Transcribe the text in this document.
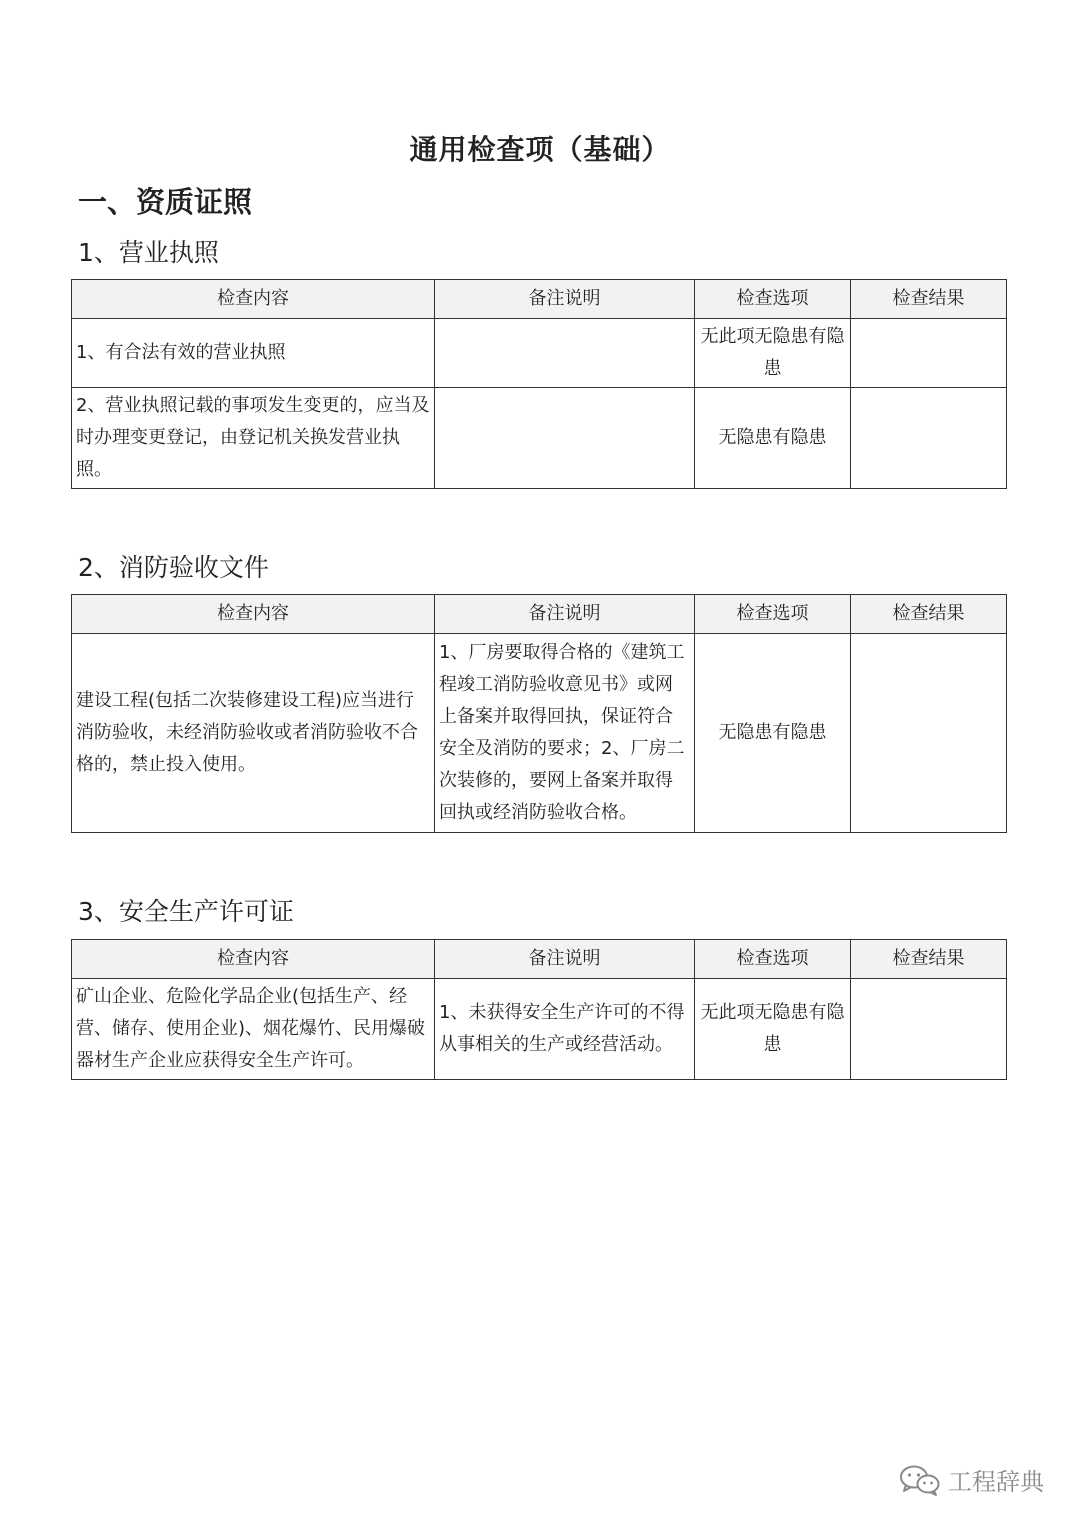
通用检查项（基础）
一、资质证照
1、营业执照
检查内容	备注说明	检查选项	检查结果
1、有合法有效的营业执照		无此项无隐患有隐患	
2、营业执照记载的事项发生变更的，应当及时办理变更登记，由登记机关换发营业执照。		无隐患有隐患	
2、消防验收文件
检查内容	备注说明	检查选项	检查结果
建设工程(包括二次装修建设工程)应当进行消防验收，未经消防验收或者消防验收不合格的，禁止投入使用。	1、厂房要取得合格的《建筑工程竣工消防验收意见书》或网上备案并取得回执，保证符合安全及消防的要求；2、厂房二次装修的，要网上备案并取得回执或经消防验收合格。	无隐患有隐患	
3、安全生产许可证
检查内容	备注说明	检查选项	检查结果
矿山企业、危险化学品企业(包括生产、经营、储存、使用企业)、烟花爆竹、民用爆破器材生产企业应获得安全生产许可。	1、未获得安全生产许可的不得从事相关的生产或经营活动。	无此项无隐患有隐患	
工程辞典
